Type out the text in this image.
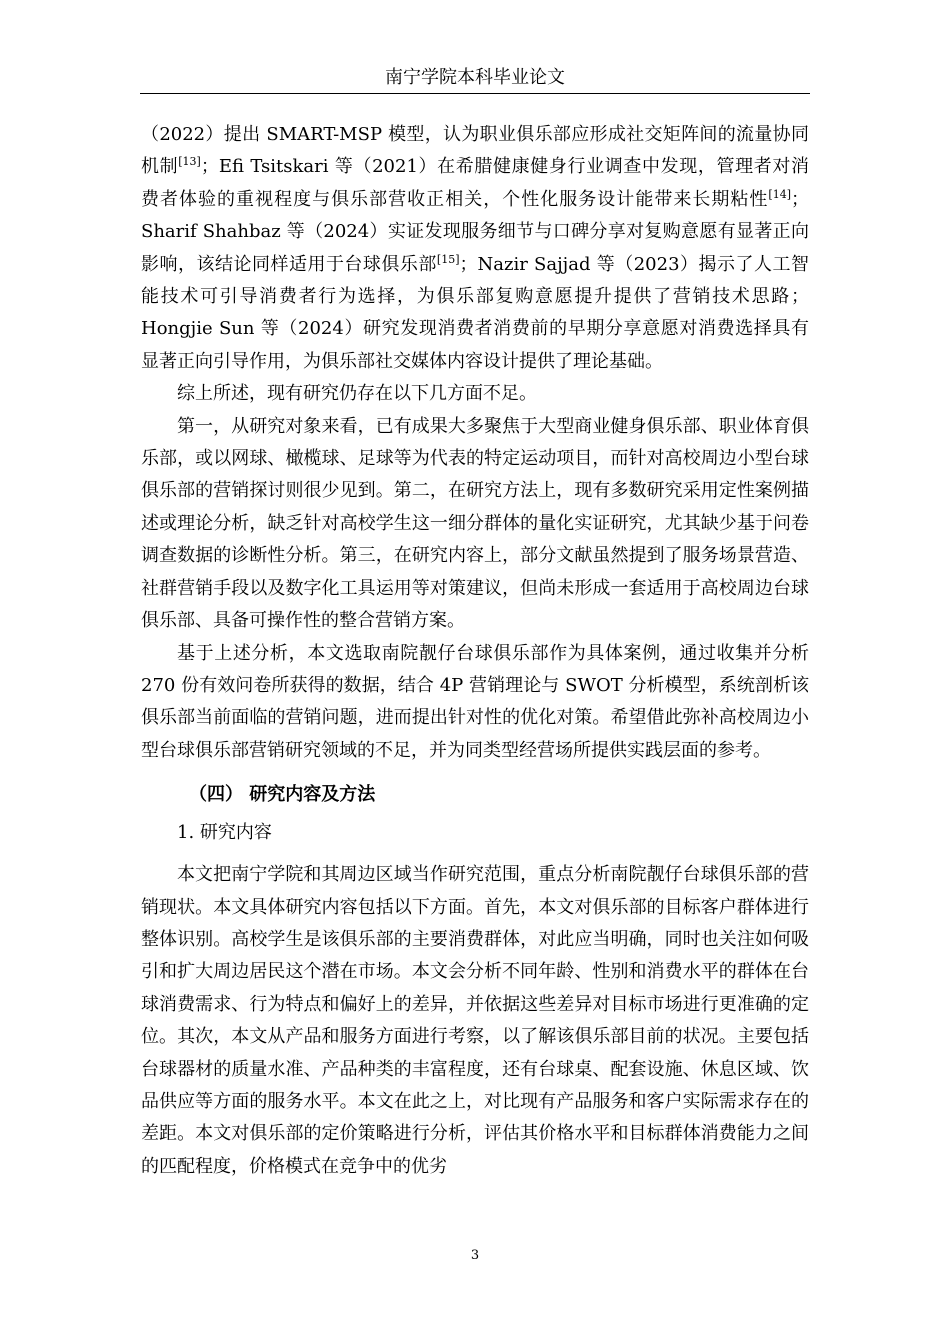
南宁学院本科毕业论文

（2022）提出 SMART-MSP 模型，认为职业俱乐部应形成社交矩阵间的流量协同机制[13]；Efi Tsitskari 等（2021）在希腊健康健身行业调查中发现，管理者对消费者体验的重视程度与俱乐部营收正相关，个性化服务设计能带来长期粘性[14]；Sharif Shahbaz 等（2024）实证发现服务细节与口碑分享对复购意愿有显著正向影响，该结论同样适用于台球俱乐部[15]；Nazir Sajjad 等（2023）揭示了人工智能技术可引导消费者行为选择，为俱乐部复购意愿提升提供了营销技术思路；Hongjie Sun 等（2024）研究发现消费者消费前的早期分享意愿对消费选择具有显著正向引导作用，为俱乐部社交媒体内容设计提供了理论基础。

综上所述，现有研究仍存在以下几方面不足。

第一，从研究对象来看，已有成果大多聚焦于大型商业健身俱乐部、职业体育俱乐部，或以网球、橄榄球、足球等为代表的特定运动项目，而针对高校周边小型台球俱乐部的营销探讨则很少见到。第二，在研究方法上，现有多数研究采用定性案例描述或理论分析，缺乏针对高校学生这一细分群体的量化实证研究，尤其缺少基于问卷调查数据的诊断性分析。第三，在研究内容上，部分文献虽然提到了服务场景营造、社群营销手段以及数字化工具运用等对策建议，但尚未形成一套适用于高校周边台球俱乐部、具备可操作性的整合营销方案。

基于上述分析，本文选取南院靓仔台球俱乐部作为具体案例，通过收集并分析 270 份有效问卷所获得的数据，结合 4P 营销理论与 SWOT 分析模型，系统剖析该俱乐部当前面临的营销问题，进而提出针对性的优化对策。希望借此弥补高校周边小型台球俱乐部营销研究领域的不足，并为同类型经营场所提供实践层面的参考。

（四） 研究内容及方法
1. 研究内容

本文把南宁学院和其周边区域当作研究范围，重点分析南院靓仔台球俱乐部的营销现状。本文具体研究内容包括以下方面。首先，本文对俱乐部的目标客户群体进行整体识别。高校学生是该俱乐部的主要消费群体，对此应当明确，同时也关注如何吸引和扩大周边居民这个潜在市场。本文会分析不同年龄、性别和消费水平的群体在台球消费需求、行为特点和偏好上的差异，并依据这些差异对目标市场进行更准确的定位。其次，本文从产品和服务方面进行考察，以了解该俱乐部目前的状况。主要包括台球器材的质量水准、产品种类的丰富程度，还有台球桌、配套设施、休息区域、饮品供应等方面的服务水平。本文在此之上，对比现有产品服务和客户实际需求存在的差距。本文对俱乐部的定价策略进行分析，评估其价格水平和目标群体消费能力之间的匹配程度，价格模式在竞争中的优劣

3
